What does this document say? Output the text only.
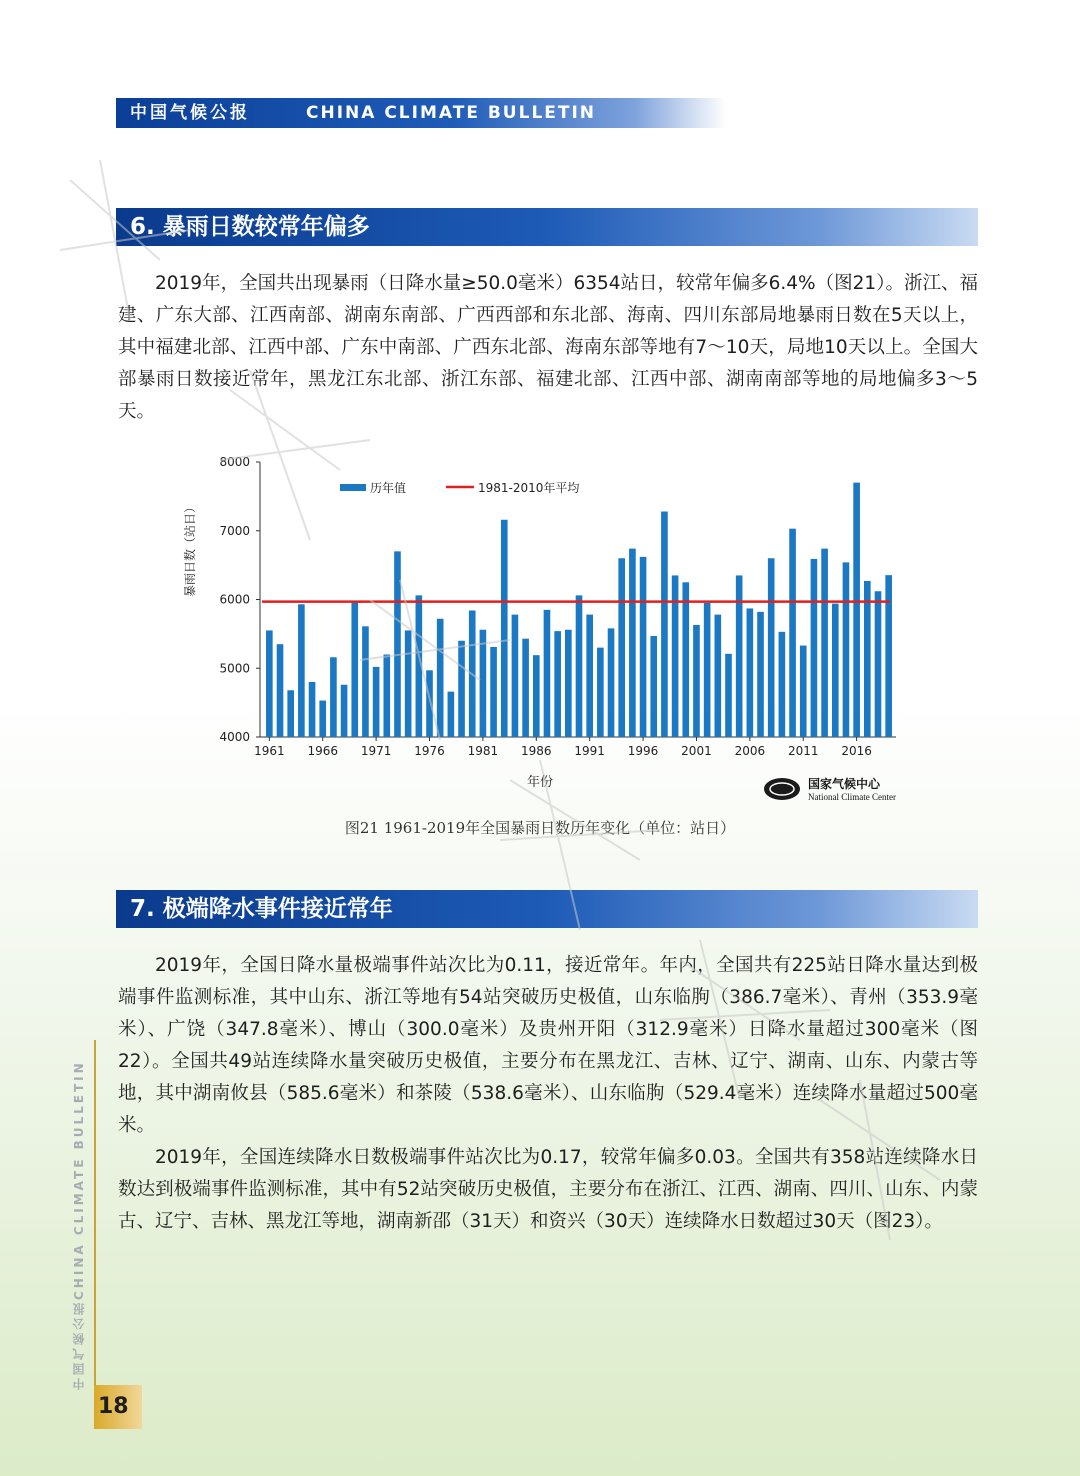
中国气候公报	CHINA CLIMATE BULLETIN
6. 暴雨日数较常年偏多

2019年，全国共出现暴雨（日降水量≥50.0毫米）6354站日，较常年偏多6.4%（图21）。浙江、福建、广东大部、江西南部、湖南东南部、广西西部和东北部、海南、四川东部局地暴雨日数在5天以上，其中福建北部、江西中部、广东中南部、广西东北部、海南东部等地有7～10天，局地10天以上。全国大部暴雨日数接近常年，黑龙江东北部、浙江东部、福建北部、江西中部、湖南南部等地的局地偏多3～5天。

4000
5000
6000
7000
8000
1961 1966 1971 1976 1981 1986 1991 1996 2001 2006 2011 2016
历年值	1981-2010年平均
暴雨日数（站日）
年份	国家气候中心
National Climate Center
图21 1961-2019年全国暴雨日数历年变化（单位：站日）
7. 极端降水事件接近常年

2019年，全国日降水量极端事件站次比为0.11，接近常年。年内，全国共有225站日降水量达到极端事件监测标准，其中山东、浙江等地有54站突破历史极值，山东临朐（386.7毫米）、青州（353.9毫米）、广饶（347.8毫米）、博山（300.0毫米）及贵州开阳（312.9毫米）日降水量超过300毫米（图22）。全国共49站连续降水量突破历史极值，主要分布在黑龙江、吉林、辽宁、湖南、山东、内蒙古等地，其中湖南攸县（585.6毫米）和茶陵（538.6毫米）、山东临朐（529.4毫米）连续降水量超过500毫米。

2019年，全国连续降水日数极端事件站次比为0.17，较常年偏多0.03。全国共有358站连续降水日数达到极端事件监测标准，其中有52站突破历史极值，主要分布在浙江、江西、湖南、四川、山东、内蒙古、辽宁、吉林、黑龙江等地，湖南新邵（31天）和资兴（30天）连续降水日数超过30天（图23）。

中国气候公报CHINA CLIMATE BULLETIN
18
